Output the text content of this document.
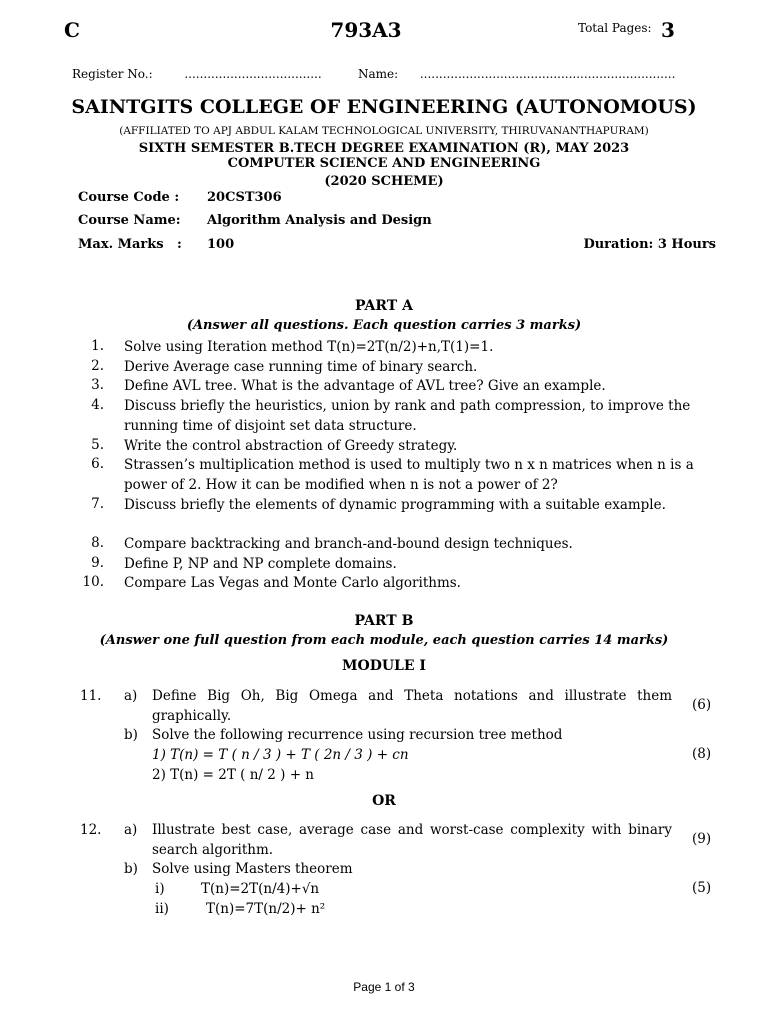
C	793A3	Total Pages: 3
Register No.:	....................................	Name: ...................................................................
SAINTGITS COLLEGE OF ENGINEERING (AUTONOMOUS)
(AFFILIATED TO APJ ABDUL KALAM TECHNOLOGICAL UNIVERSITY, THIRUVANANTHAPURAM)
SIXTH SEMESTER B.TECH DEGREE EXAMINATION (R), MAY 2023
COMPUTER SCIENCE AND ENGINEERING
(2020 SCHEME)
Course Code : 20CST306
Course Name: Algorithm Analysis and Design
Max. Marks : 100	Duration: 3 Hours
PART A
(Answer all questions. Each question carries 3 marks)
1. Solve using Iteration method T(n)=2T(n/2)+n,T(1)=1.
2. Derive Average case running time of binary search.
3. Define AVL tree. What is the advantage of AVL tree? Give an example.
4. Discuss briefly the heuristics, union by rank and path compression, to improve the running time of disjoint set data structure.
5. Write the control abstraction of Greedy strategy.
6. Strassen’s multiplication method is used to multiply two n x n matrices when n is a power of 2. How it can be modified when n is not a power of 2?
7. Discuss briefly the elements of dynamic programming with a suitable example.
8. Compare backtracking and branch-and-bound design techniques.
9. Define P, NP and NP complete domains.
10. Compare Las Vegas and Monte Carlo algorithms.
PART B
(Answer one full question from each module, each question carries 14 marks)
MODULE I
11. a) Define Big Oh, Big Omega and Theta notations and illustrate them graphically.
(6)
b) Solve the following recurrence using recursion tree method
1) T(n) = T ( n / 3 ) + T ( 2n / 3 ) + cn	(8)
2) T(n) = 2T ( n/ 2 ) + n
OR
12. a) Illustrate best case, average case and worst-case complexity with binary search algorithm.
(9)
b) Solve using Masters theorem
i)	T(n)=2T(n/4)+√n	(5)
ii)	T(n)=7T(n/2)+ n²
Page 1 of 3
